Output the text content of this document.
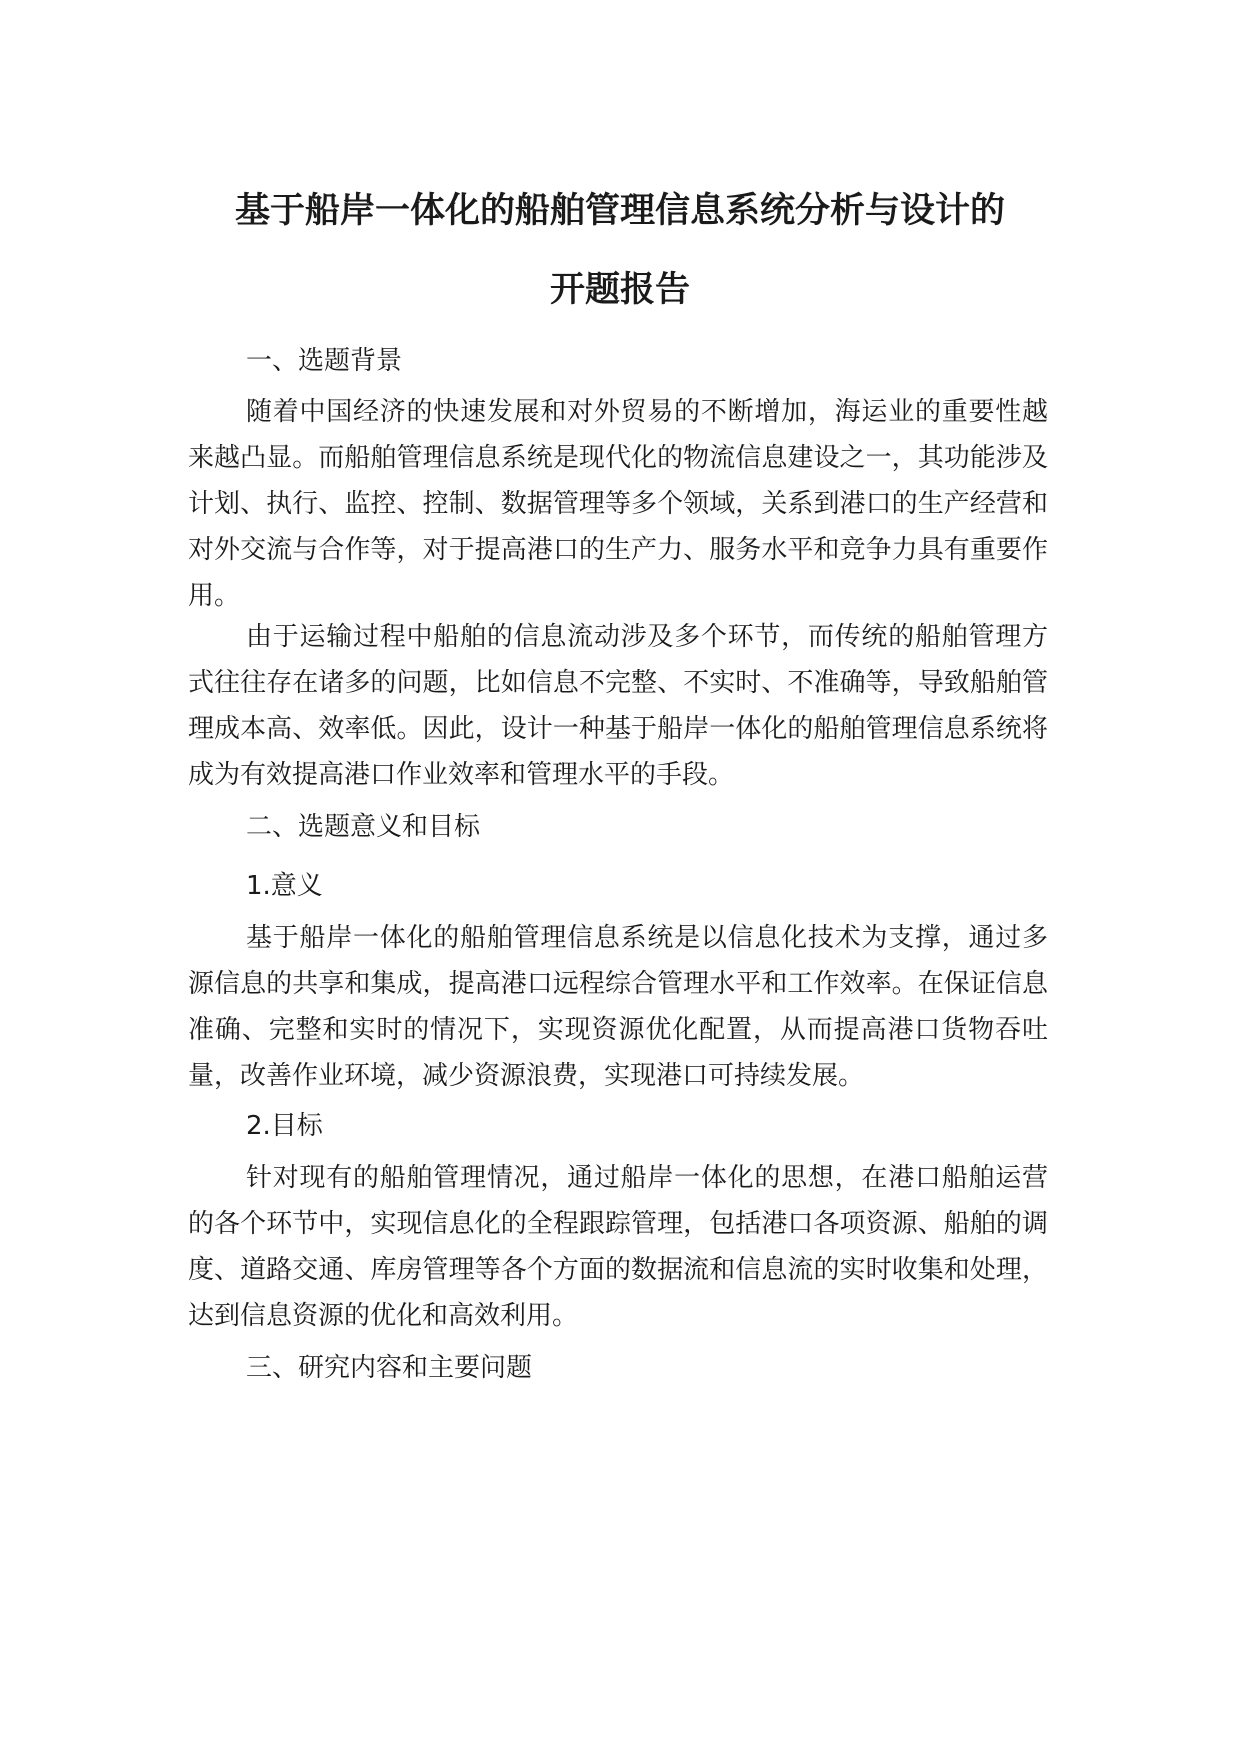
基于船岸一体化的船舶管理信息系统分析与设计的
开题报告
一、选题背景
随着中国经济的快速发展和对外贸易的不断增加，海运业的重要性越来越凸显。而船舶管理信息系统是现代化的物流信息建设之一，其功能涉及计划、执行、监控、控制、数据管理等多个领域，关系到港口的生产经营和对外交流与合作等，对于提高港口的生产力、服务水平和竞争力具有重要作用。
由于运输过程中船舶的信息流动涉及多个环节，而传统的船舶管理方式往往存在诸多的问题，比如信息不完整、不实时、不准确等，导致船舶管理成本高、效率低。因此，设计一种基于船岸一体化的船舶管理信息系统将成为有效提高港口作业效率和管理水平的手段。
二、选题意义和目标
1.意义
基于船岸一体化的船舶管理信息系统是以信息化技术为支撑，通过多源信息的共享和集成，提高港口远程综合管理水平和工作效率。在保证信息准确、完整和实时的情况下，实现资源优化配置，从而提高港口货物吞吐量，改善作业环境，减少资源浪费，实现港口可持续发展。
2.目标
针对现有的船舶管理情况，通过船岸一体化的思想，在港口船舶运营的各个环节中，实现信息化的全程跟踪管理，包括港口各项资源、船舶的调度、道路交通、库房管理等各个方面的数据流和信息流的实时收集和处理，达到信息资源的优化和高效利用。
三、研究内容和主要问题
